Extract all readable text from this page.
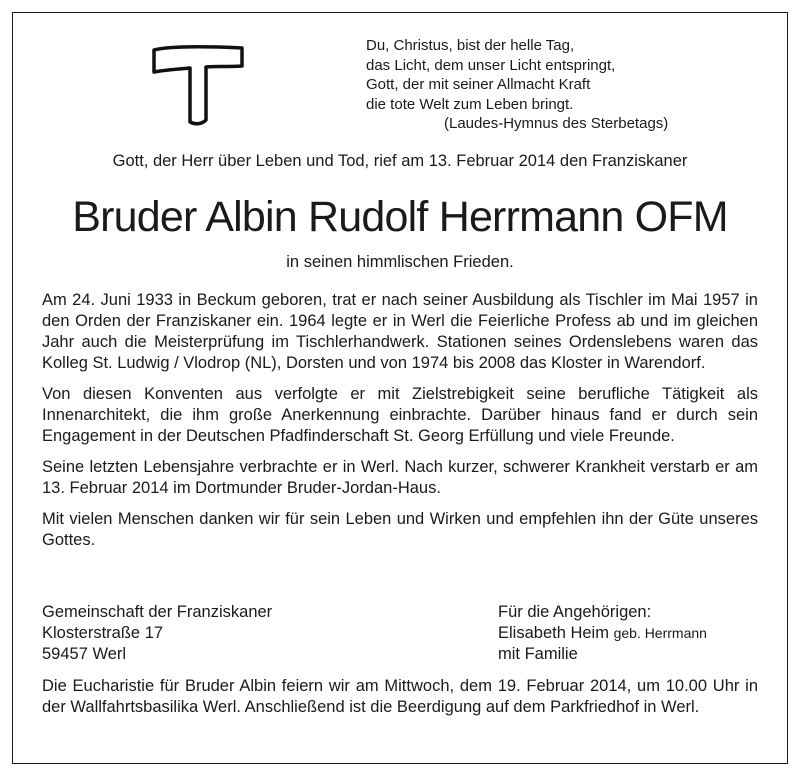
Du, Christus, bist der helle Tag,
das Licht, dem unser Licht entspringt,
Gott, der mit seiner Allmacht Kraft
die tote Welt zum Leben bringt.
(Laudes-Hymnus des Sterbetags)
Gott, der Herr über Leben und Tod, rief am 13. Februar 2014 den Franziskaner
Bruder Albin Rudolf Herrmann OFM
in seinen himmlischen Frieden.

Am 24. Juni 1933 in Beckum geboren, trat er nach seiner Ausbildung als Tischler im Mai 1957 in den Orden der Franziskaner ein. 1964 legte er in Werl die Feierliche Profess ab und im gleichen Jahr auch die Meisterprüfung im Tischlerhandwerk. Stationen seines Ordenslebens waren das Kolleg St. Ludwig / Vlodrop (NL), Dorsten und von 1974 bis 2008 das Kloster in Warendorf.

Von diesen Konventen aus verfolgte er mit Zielstrebigkeit seine berufliche Tätigkeit als Innenarchitekt, die ihm große Anerkennung einbrachte. Darüber hinaus fand er durch sein Engagement in der Deutschen Pfadfinderschaft St. Georg Erfüllung und viele Freunde.

Seine letzten Lebensjahre verbrachte er in Werl. Nach kurzer, schwerer Krankheit verstarb er am 13. Februar 2014 im Dortmunder Bruder-Jordan-Haus.

Mit vielen Menschen danken wir für sein Leben und Wirken und empfehlen ihn der Güte unseres Gottes.

Gemeinschaft der Franziskaner
Klosterstraße 17
59457 Werl
Für die Angehörigen:
Elisabeth Heim geb. Herrmann
mit Familie
Die Eucharistie für Bruder Albin feiern wir am Mittwoch, dem 19. Februar 2014, um 10.00 Uhr in der Wallfahrtsbasilika Werl. Anschließend ist die Beerdigung auf dem Parkfriedhof in Werl.
